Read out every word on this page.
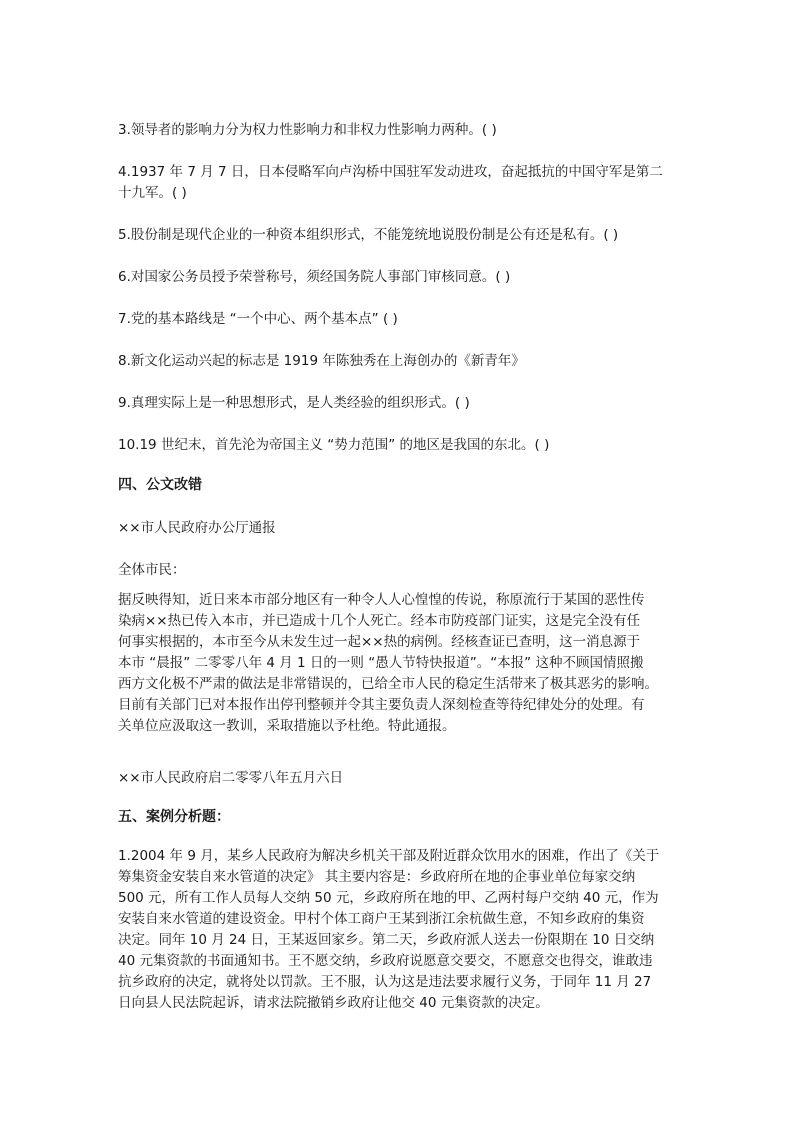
3.领导者的影响力分为权力性影响力和非权力性影响力两种。( )
4.1937 年 7 月 7 日，日本侵略军向卢沟桥中国驻军发动进攻，奋起抵抗的中国守军是第二
十九军。( )
5.股份制是现代企业的一种资本组织形式，不能笼统地说股份制是公有还是私有。( )
6.对国家公务员授予荣誉称号，须经国务院人事部门审核同意。( )
7.党的基本路线是 “一个中心、两个基本点” ( )
8.新文化运动兴起的标志是 1919 年陈独秀在上海创办的《新青年》
9.真理实际上是一种思想形式，是人类经验的组织形式。( )
10.19 世纪末，首先沦为帝国主义 “势力范围” 的地区是我国的东北。( )
四、公文改错
××市人民政府办公厅通报
全体市民：
据反映得知，近日来本市部分地区有一种令人人心惶惶的传说，称原流行于某国的恶性传
染病××热已传入本市，并已造成十几个人死亡。经本市防疫部门证实，这是完全没有任
何事实根据的，本市至今从未发生过一起××热的病例。经核查证已查明，这一消息源于
本市 “晨报” 二零零八年 4 月 1 日的一则 “愚人节特快报道”。“本报” 这种不顾国情照搬
西方文化极不严肃的做法是非常错误的，已给全市人民的稳定生活带来了极其恶劣的影响。
目前有关部门已对本报作出停刊整顿并令其主要负责人深刻检查等待纪律处分的处理。有
关单位应汲取这一教训，采取措施以予杜绝。特此通报。
××市人民政府启二零零八年五月六日
五、案例分析题：
1.2004 年 9 月，某乡人民政府为解决乡机关干部及附近群众饮用水的困难，作出了《关于
筹集资金安装自来水管道的决定》 其主要内容是：乡政府所在地的企事业单位每家交纳
500 元，所有工作人员每人交纳 50 元，乡政府所在地的甲、乙两村每户交纳 40 元，作为
安装自来水管道的建设资金。甲村个体工商户王某到浙江余杭做生意，不知乡政府的集资
决定。同年 10 月 24 日，王某返回家乡。第二天，乡政府派人送去一份限期在 10 日交纳
40 元集资款的书面通知书。王不愿交纳，乡政府说愿意交要交，不愿意交也得交，谁敢违
抗乡政府的决定，就将处以罚款。王不服，认为这是违法要求履行义务，于同年 11 月 27
日向县人民法院起诉，请求法院撤销乡政府让他交 40 元集资款的决定。
